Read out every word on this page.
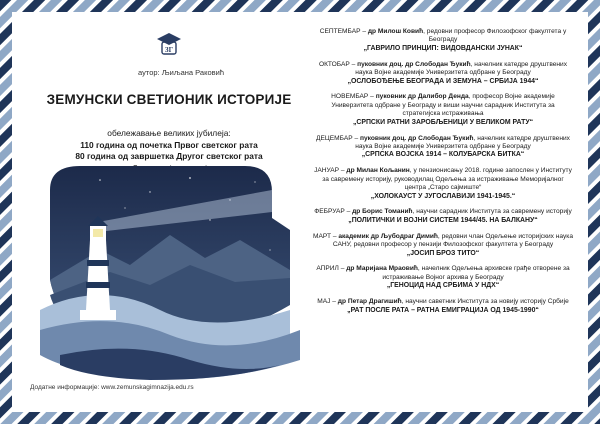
ЗГ
аутор: Љиљана Раковић
ЗЕМУНСКИ СВЕТИОНИК ИСТОРИЈЕ
обележавање великих јубилеја:
110 година од почетка Првог светског рата
80 година од завршетка Другог светског рата
Додатне информације: www.zemunskagimnazija.edu.rs
СЕПТЕМБАР – др Милош Ковић, редовни професор Филозофског факултета у Београду
„ГАВРИЛО ПРИНЦИП: ВИДОВДАНСКИ ЈУНАК“
ОКТОБАР – пуковник доц. др Слободан Ђукић, начелник катедре друштвених наука Војне академије Универзитета одбране у Београду
„ОСЛОБОЂЕЊЕ БЕОГРАДА И ЗЕМУНА – СРБИЈА 1944“
НОВЕМБАР – пуковник др Далибор Денда, професор Војне академије Универзитета одбране у Београду и виши научни сарадник Института за стратегијска истраживања
„СРПСКИ РАТНИ ЗАРОБЉЕНИЦИ У ВЕЛИКОМ РАТУ“
ДЕЦЕМБАР – пуковник доц. др Слободан Ђукић, начелник катедре друштвених наука Војне академије Универзитета одбране у Београду
„СРПСКА ВОЈСКА 1914 – КОЛУБАРСКА БИТКА“
ЈАНУАР – др Милан Кољанин, у пензионисању 2018. године запослен у Институту за савремену историју, руководилац Одељења за истраживање Меморијалног центра „Старо сајмиште“
„ХОЛОКАУСТ У ЈУГОСЛАВИЈИ 1941-1945.“
ФЕБРУАР – др Борис Томанић, научни сарадник Института за савремену историју
„ПОЛИТИЧКИ И ВОЈНИ СИСТЕМ 1944/45. НА БАЛКАНУ“
МАРТ – академик др Љубодраг Димић, редовни члан Одељење историјских наука САНУ, редовни професор у пензији Филозофског факултета у Београду
„ЈОСИП БРОЗ ТИТО“
АПРИЛ – др Маријана Мраовић, начелник Одељења архивске грађе отворене за истраживање Војног архива у Београду
„ГЕНОЦИД НАД СРБИМА У НДХ“
МАЈ – др Петар Драгишић, научни саветник Института за новију историју Србије
„РАТ ПОСЛЕ РАТА – РАТНА ЕМИГРАЦИЈА ОД 1945-1990“
